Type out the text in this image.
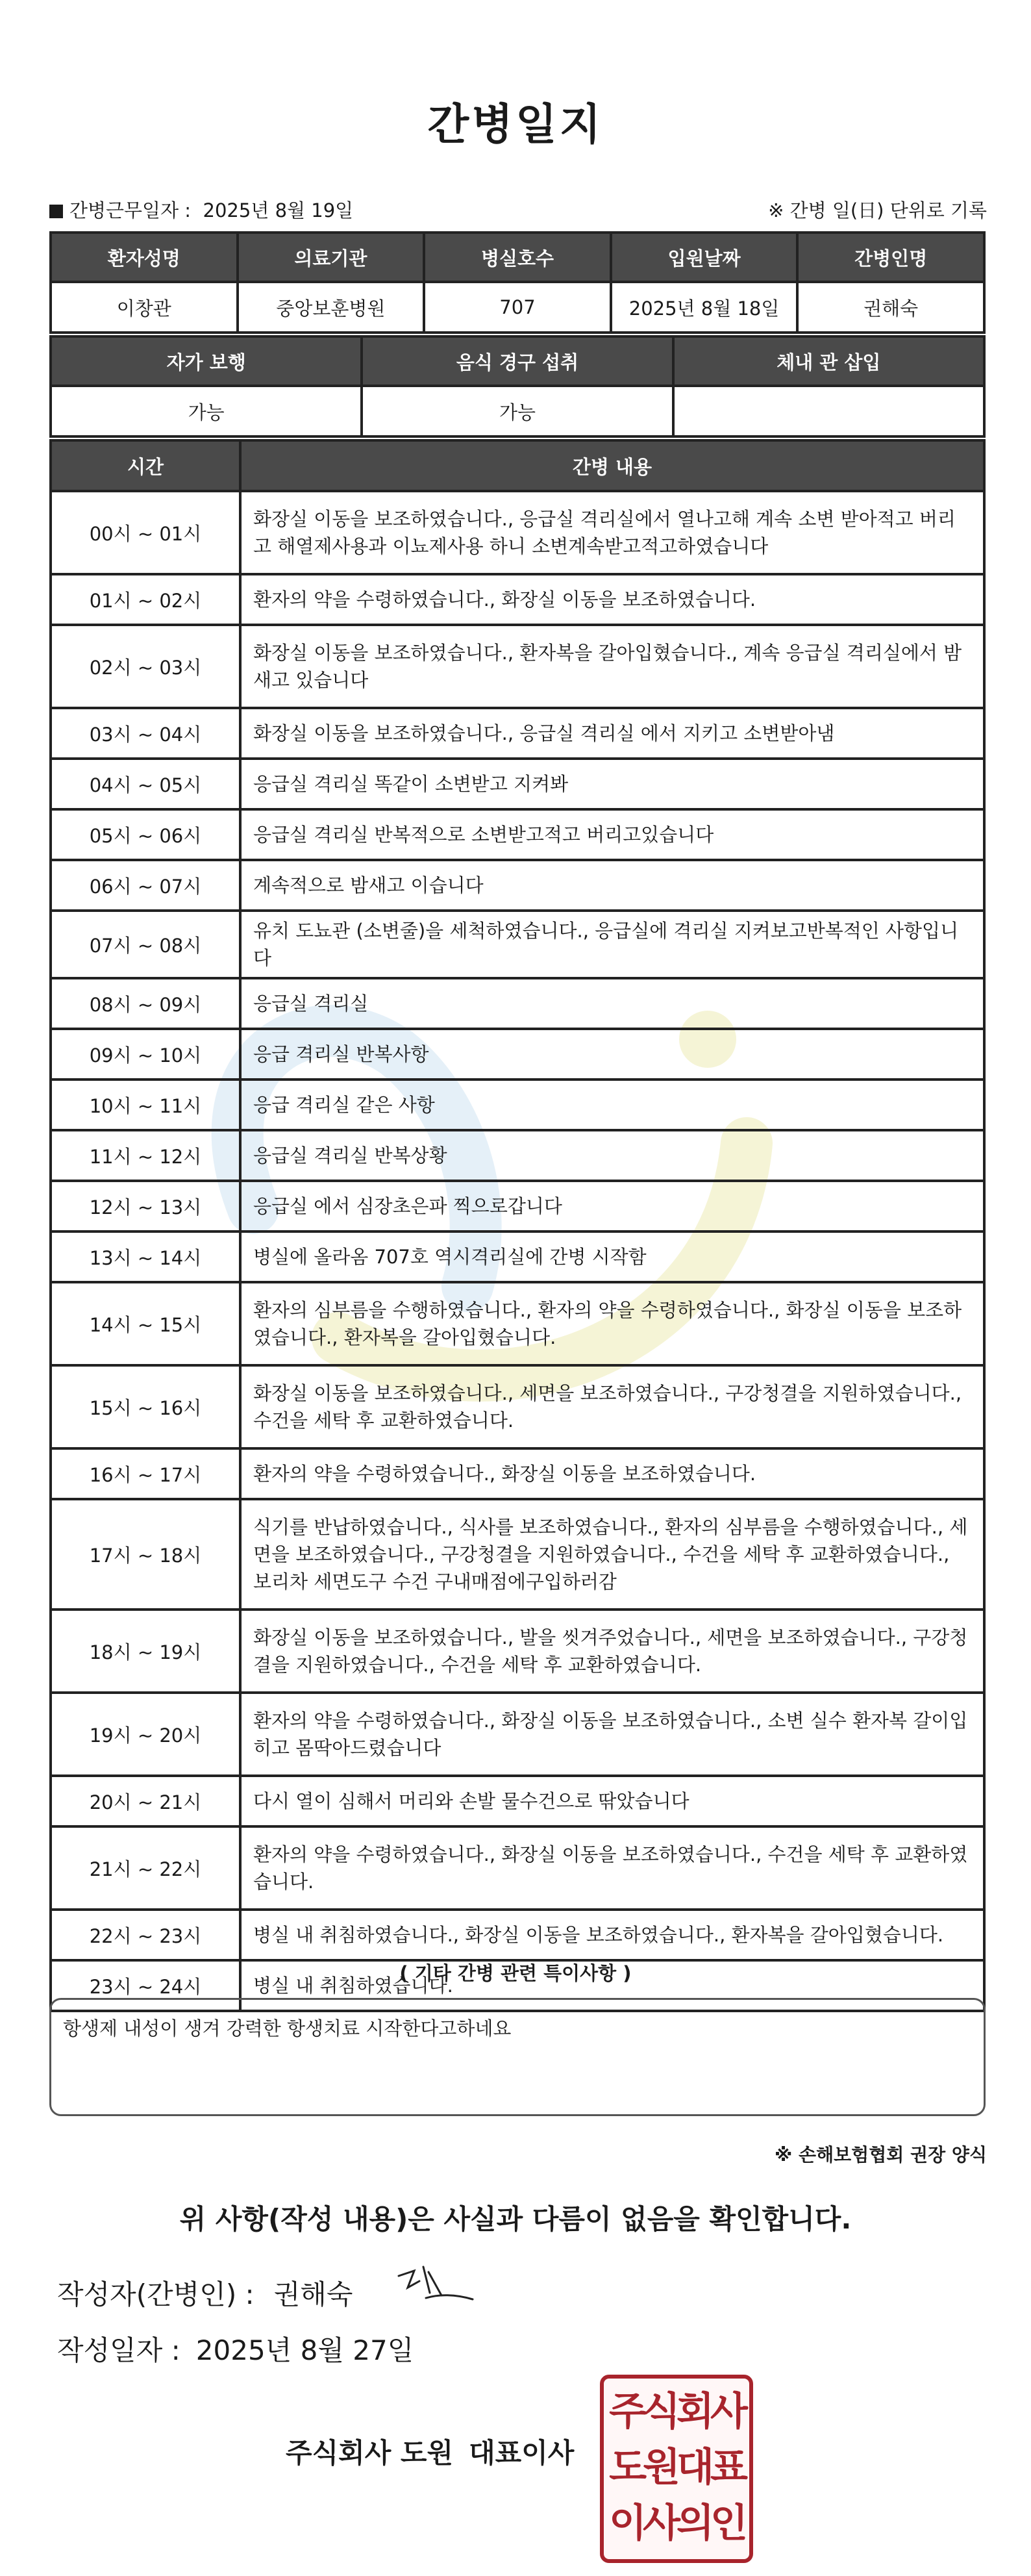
간병일지
간병근무일자 :  2025년 8월 19일	※ 간병 일(日) 단위로 기록
환자성명	의료기관	병실호수	입원날짜	간병인명
이창관	중앙보훈병원	707	2025년 8월 18일	권해숙
자가 보행	음식 경구 섭취	체내 관 삽입
가능	가능	
시간	간병 내용
00시 ~ 01시	화장실 이동을 보조하였습니다., 응급실 격리실에서 열나고해 계속 소변 받아적고 버리고 해열제사용과 이뇨제사용 하니 소변계속받고적고하였습니다
01시 ~ 02시	환자의 약을 수령하였습니다., 화장실 이동을 보조하였습니다.
02시 ~ 03시	화장실 이동을 보조하였습니다., 환자복을 갈아입혔습니다., 계속 응급실 격리실에서 밤새고 있습니다
03시 ~ 04시	화장실 이동을 보조하였습니다., 응급실 격리실 에서 지키고 소변받아냄
04시 ~ 05시	응급실 격리실 똑같이 소변받고 지켜봐
05시 ~ 06시	응급실 격리실 반복적으로 소변받고적고 버리고있습니다
06시 ~ 07시	계속적으로 밤새고 이습니다
07시 ~ 08시	유치 도뇨관 (소변줄)을 세척하였습니다., 응급실에 격리실 지켜보고반복적인 사항입니다
08시 ~ 09시	응급실 격리실
09시 ~ 10시	응급 격리실 반복사항
10시 ~ 11시	응급 격리실 같은 사항
11시 ~ 12시	응급실 격리실 반복상황
12시 ~ 13시	응급실 에서 심장초은파 찍으로갑니다
13시 ~ 14시	병실에 올라옴 707호 역시격리실에 간병 시작함
14시 ~ 15시	환자의 심부름을 수행하였습니다., 환자의 약을 수령하였습니다., 화장실 이동을 보조하였습니다., 환자복을 갈아입혔습니다.
15시 ~ 16시	화장실 이동을 보조하였습니다., 세면을 보조하였습니다., 구강청결을 지원하였습니다., 수건을 세탁 후 교환하였습니다.
16시 ~ 17시	환자의 약을 수령하였습니다., 화장실 이동을 보조하였습니다.
17시 ~ 18시	식기를 반납하였습니다., 식사를 보조하였습니다., 환자의 심부름을 수행하였습니다., 세면을 보조하였습니다., 구강청결을 지원하였습니다., 수건을 세탁 후 교환하였습니다., 보리차 세면도구 수건 구내매점에구입하러감
18시 ~ 19시	화장실 이동을 보조하였습니다., 발을 씻겨주었습니다., 세면을 보조하였습니다., 구강청결을 지원하였습니다., 수건을 세탁 후 교환하였습니다.
19시 ~ 20시	환자의 약을 수령하였습니다., 화장실 이동을 보조하였습니다., 소변 실수 환자복 갈이입히고 몸딱아드렸습니다
20시 ~ 21시	다시 열이 심해서 머리와 손발 물수건으로 딲았습니다
21시 ~ 22시	환자의 약을 수령하였습니다., 화장실 이동을 보조하였습니다., 수건을 세탁 후 교환하였습니다.
22시 ~ 23시	병실 내 취침하였습니다., 화장실 이동을 보조하였습니다., 환자복을 갈아입혔습니다.
23시 ~ 24시	병실 내 취침하였습니다.
( 기타 간병 관련 특이사항 )
항생제 내성이 생겨 강력한 항생치료 시작한다고하네요
※ 손해보험협회 권장 양식
위 사항(작성 내용)은 사실과 다름이 없음을 확인합니다.
작성자(간병인) : 권해숙
작성일자 : 2025년 8월 27일
주식회사 도원 대표이사
주식회사
도원대표
이사의인
